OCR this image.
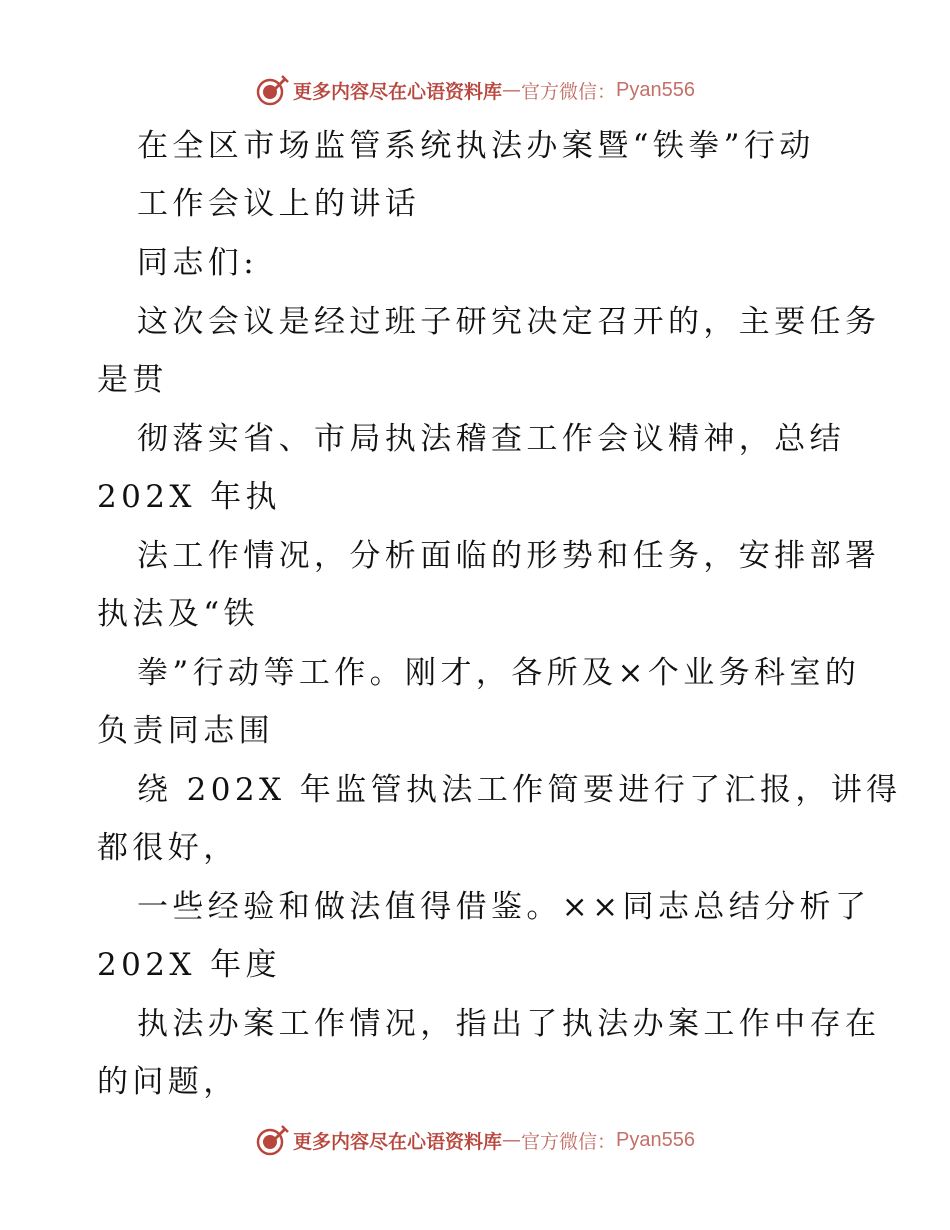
更多内容尽在心语资料库 — 官方微信： Pyan556
在全区市场监管系统执法办案暨“铁拳”行动
工作会议上的讲话
同志们:
这次会议是经过班子研究决定召开的，主要任务
是贯
彻落实省、市局执法稽查工作会议精神，总结
202X 年执
法工作情况，分析面临的形势和任务，安排部署
执法及“铁
拳”行动等工作。刚才，各所及×个业务科室的
负责同志围
绕 202X 年监管执法工作简要进行了汇报，讲得
都很好，
一些经验和做法值得借鉴。××同志总结分析了
202X 年度
执法办案工作情况，指出了执法办案工作中存在
的问题，
更多内容尽在心语资料库 — 官方微信： Pyan556
